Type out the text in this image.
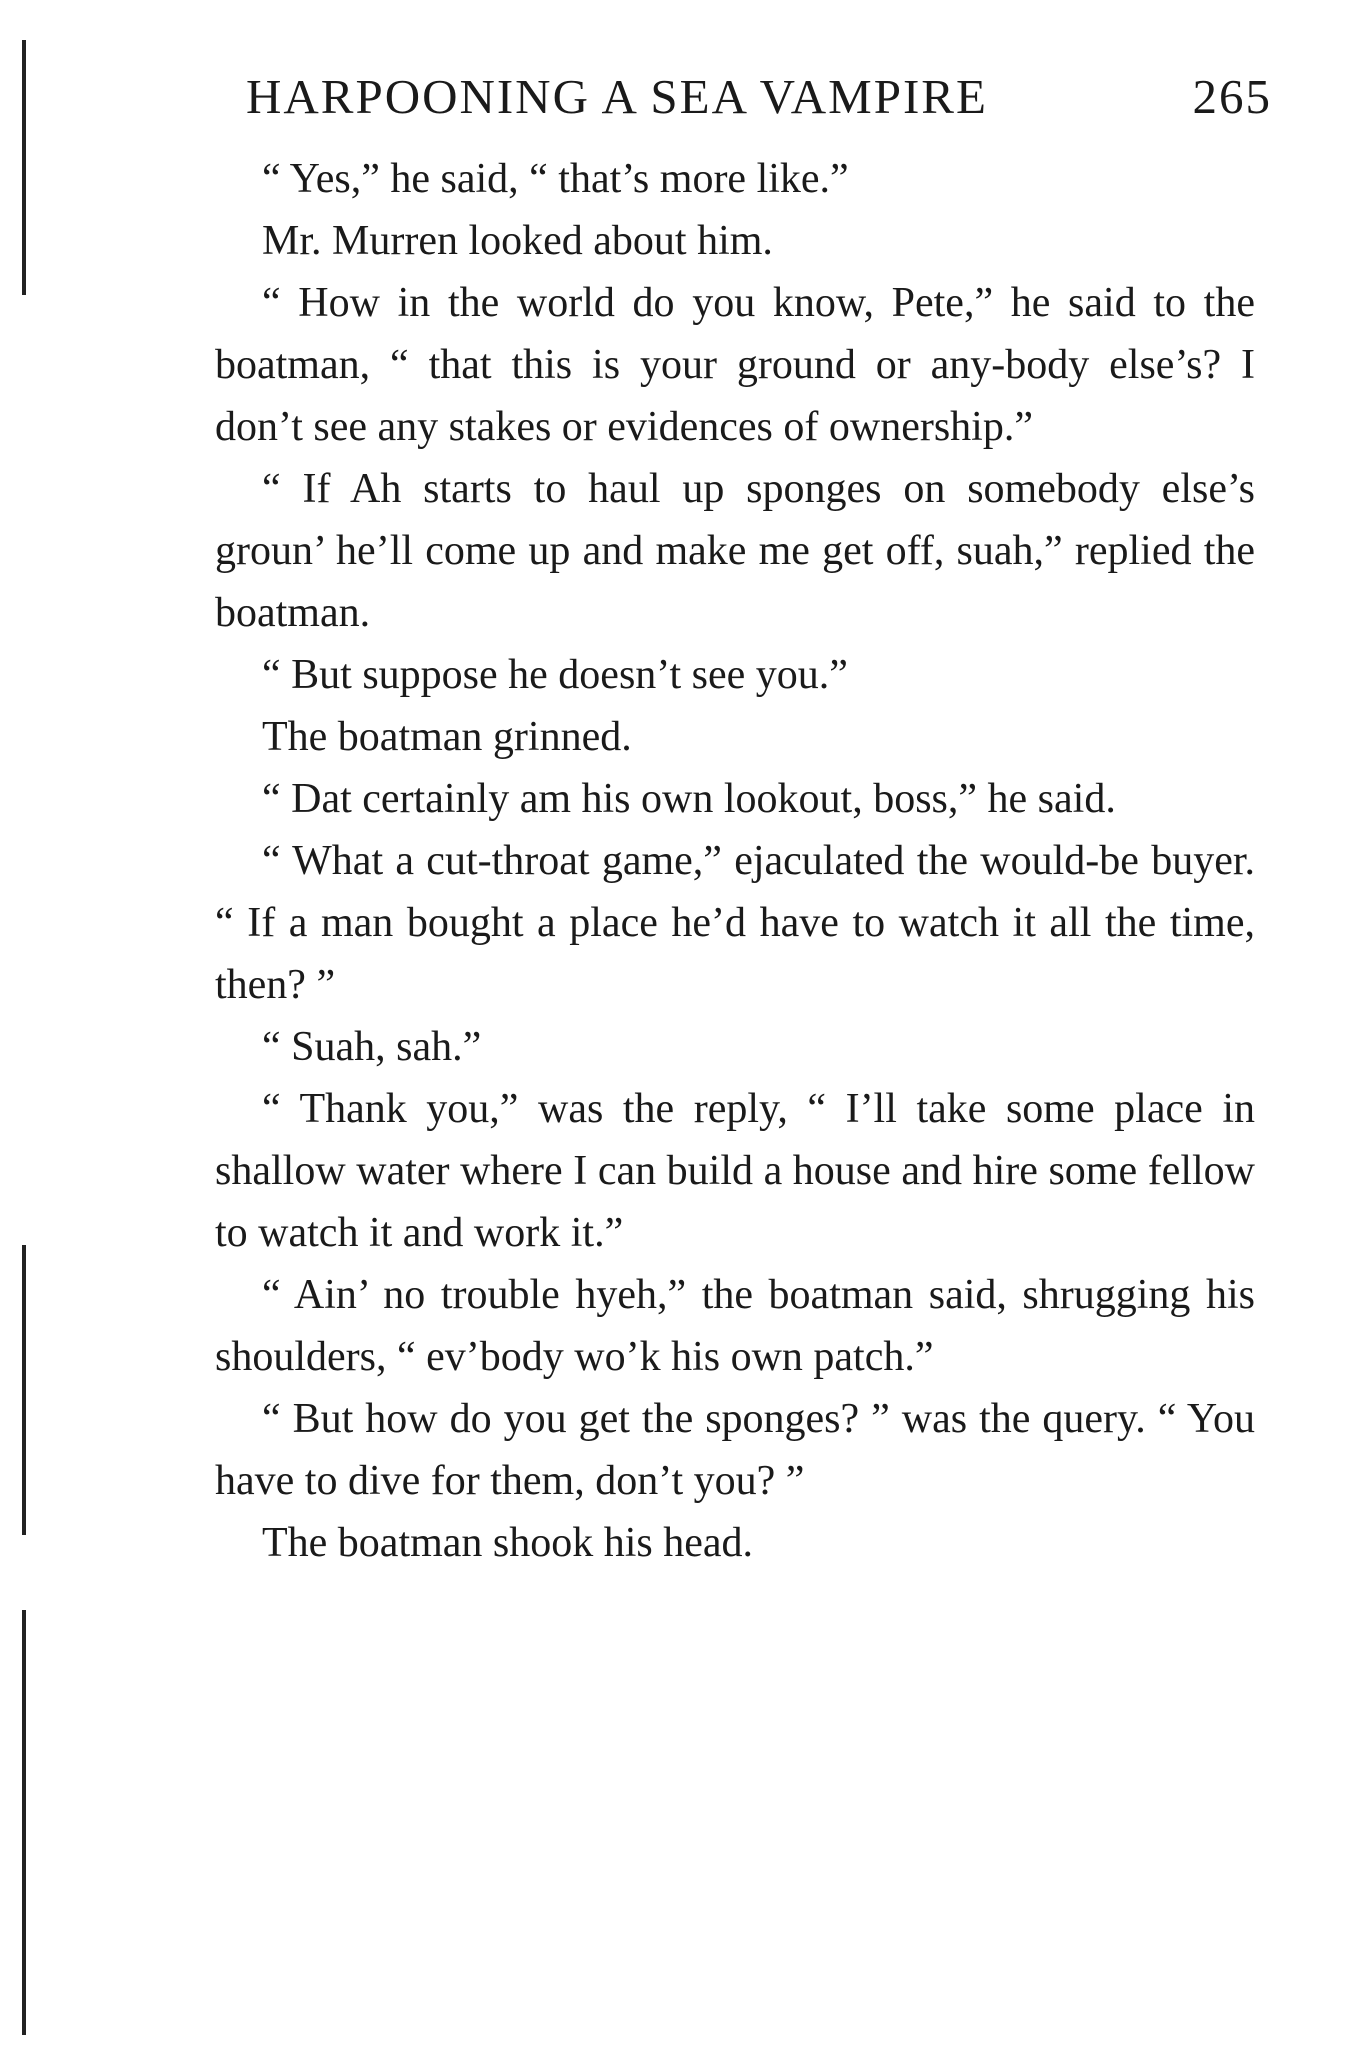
HARPOONING A SEA VAMPIRE	265

“ Yes,” he said, “ that’s more like.”

Mr. Murren looked about him.

“ How in the world do you know, Pete,” he said to the boatman, “ that this is your ground or any-body else’s? I don’t see any stakes or evidences of ownership.”

“ If Ah starts to haul up sponges on somebody else’s groun’ he’ll come up and make me get off, suah,” replied the boatman.

“ But suppose he doesn’t see you.”

The boatman grinned.

“ Dat certainly am his own lookout, boss,” he said.

“ What a cut-throat game,” ejaculated the would-be buyer. “ If a man bought a place he’d have to watch it all the time, then? ”

“ Suah, sah.”

“ Thank you,” was the reply, “ I’ll take some place in shallow water where I can build a house and hire some fellow to watch it and work it.”

“ Ain’ no trouble hyeh,” the boatman said, shrugging his shoulders, “ ev’body wo’k his own patch.”

“ But how do you get the sponges? ” was the query. “ You have to dive for them, don’t you? ”

The boatman shook his head.
